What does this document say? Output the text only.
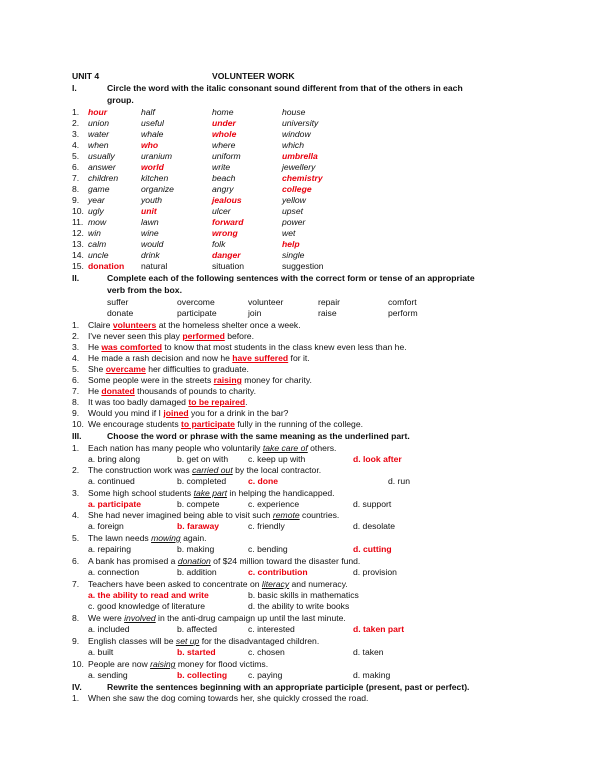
UNIT 4	VOLUNTEER WORK
I.	Circle the word with the italic consonant sound different from that of the others in each
group.
1. hour	half	home	house
2. union	useful	under	university
3. water	whale	whole	window
4. when	who	where	which
5. usually	uranium	uniform	umbrella
6. answer	world	write	jewellery
7. children	kitchen	beach	chemistry
8. game	organize	angry	college
9. year	youth	jealous	yellow
10. ugly	unit	ulcer	upset
11. mow	lawn	forward	power
12. win	wine	wrong	wet
13. calm	would	folk	help
14. uncle	drink	danger	single
15. donation natural	situation	suggestion
II.	Complete each of the following sentences with the correct form or tense of an appropriate
verb from the box.
suffer	overcome	volunteer	repair	comfort
donate	participate	join	raise	perform
1. Claire volunteers at the homeless shelter once a week.
2. I've never seen this play performed before.
3. He was comforted to know that most students in the class knew even less than he.
4. He made a rash decision and now he have suffered for it.
5. She overcame her difficulties to graduate.
6. Some people were in the streets raising money for charity.
7. He donated thousands of pounds to charity.
8. It was too badly damaged to be repaired.
9. Would you mind if I joined you for a drink in the bar?
10. We encourage students to participate fully in the running of the college.
III.	Choose the word or phrase with the same meaning as the underlined part.
1. Each nation has many people who voluntarily take care of others.
a. bring along	b. get on with c. keep up with	d. look after
2. The construction work was carried out by the local contractor.
a. continued	b. completed	c. done	d. run
3. Some high school students take part in helping the handicapped.
a. participate	b. compete	c. experience	d. support
4. She had never imagined being able to visit such remote countries.
a. foreign	b. faraway	c. friendly	d. desolate
5. The lawn needs mowing again.
a. repairing	b. making	c. bending	d. cutting
6. A bank has promised a donation of $24 million toward the disaster fund.
a. connection	b. addition	c. contribution	d. provision
7. Teachers have been asked to concentrate on literacy and numeracy.
a. the ability to read and write	b. basic skills in mathematics
c. good knowledge of literature	d. the ability to write books
8. We were involved in the anti-drug campaign up until the last minute.
a. included	b. affected	c. interested	d. taken part
9. English classes will be set up for the disadvantaged children.
a. built	b. started	c. chosen	d. taken
10. People are now raising money for flood victims.
a. sending	b. collecting c. paying	d. making
IV.	Rewrite the sentences beginning with an appropriate participle (present, past or perfect).
1. When she saw the dog coming towards her, she quickly crossed the road.
